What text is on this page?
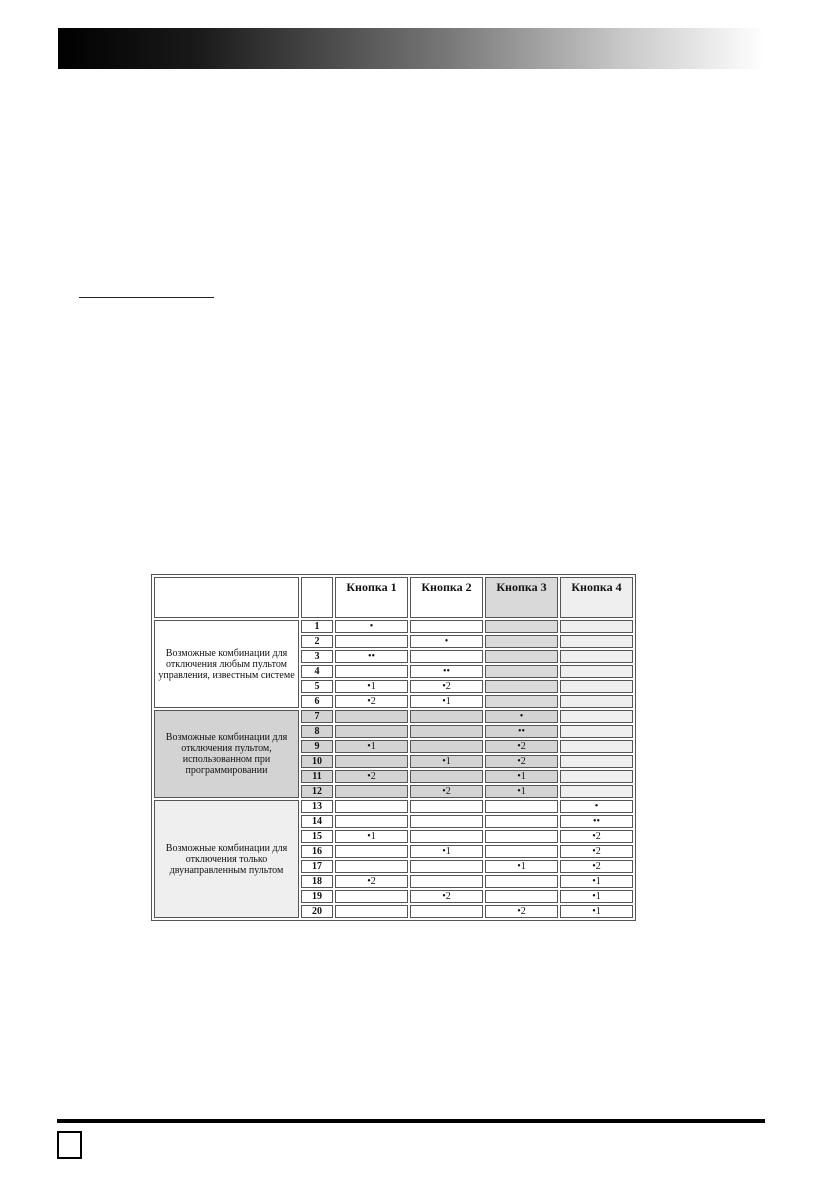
		Кнопка 1	Кнопка 2	Кнопка 3	Кнопка 4
Возможные комбинации для отключения любым пультом управления, известным системе	1	•			
	2		•		
	3	••			
	4		••		
	5	•1	•2		
	6	•2	•1		
Возможные комбинации для отключения пультом, использованном при программировании	7			•	
	8			••	
	9	•1		•2	
	10		•1	•2	
	11	•2		•1	
	12		•2	•1	
Возможные комбинации для отключения только двунаправленным пультом	13				•
	14				••
	15	•1			•2
	16		•1		•2
	17			•1	•2
	18	•2			•1
	19		•2		•1
	20			•2	•1
